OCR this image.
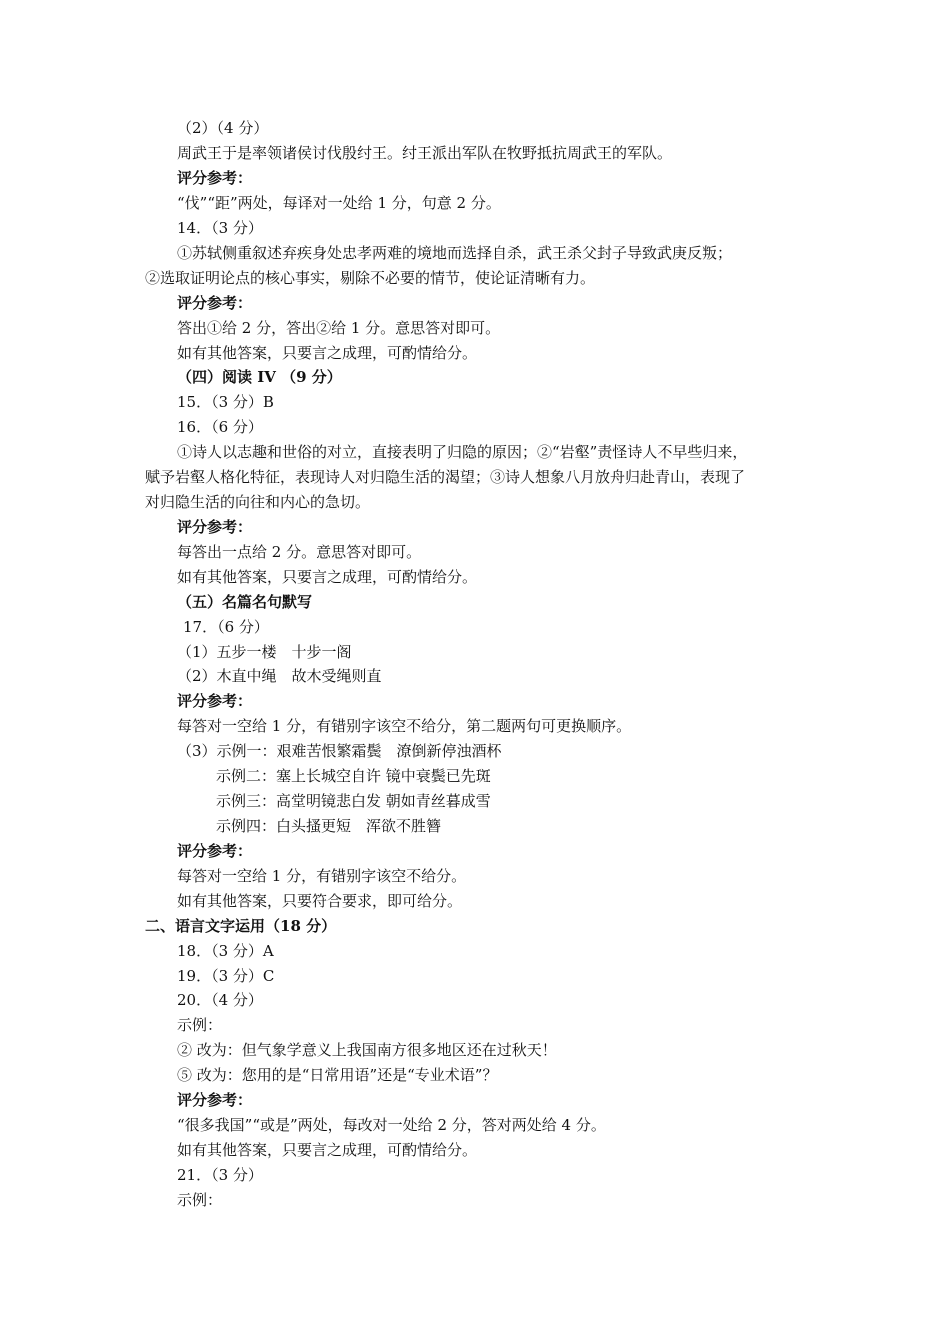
（2）（4 分）
周武王于是率领诸侯讨伐殷纣王。纣王派出军队在牧野抵抗周武王的军队。
评分参考：
“伐”“距”两处，每译对一处给 1 分，句意 2 分。
14．（3 分）
①苏轼侧重叙述弃疾身处忠孝两难的境地而选择自杀，武王杀父封子导致武庚反叛；
②选取证明论点的核心事实，剔除不必要的情节，使论证清晰有力。
评分参考：
答出①给 2 分，答出②给 1 分。意思答对即可。
如有其他答案，只要言之成理，可酌情给分。
（四）阅读 IV （9 分）
15．（3 分）B
16．（6 分）
①诗人以志趣和世俗的对立，直接表明了归隐的原因；②“岩壑”责怪诗人不早些归来，
赋予岩壑人格化特征，表现诗人对归隐生活的渴望；③诗人想象八月放舟归赴青山，表现了
对归隐生活的向往和内心的急切。
评分参考：
每答出一点给 2 分。意思答对即可。
如有其他答案，只要言之成理，可酌情给分。
（五）名篇名句默写
17．（6 分）
（1）五步一楼　十步一阁
（2）木直中绳　故木受绳则直
评分参考：
每答对一空给 1 分，有错别字该空不给分，第二题两句可更换顺序。
（3）示例一：艰难苦恨繁霜鬓　潦倒新停浊酒杯
示例二：塞上长城空自许 镜中衰鬓已先斑
示例三：高堂明镜悲白发 朝如青丝暮成雪
示例四：白头搔更短　浑欲不胜簪
评分参考：
每答对一空给 1 分，有错别字该空不给分。
如有其他答案，只要符合要求，即可给分。
二、语言文字运用（18 分）
18．（3 分）A
19．（3 分）C
20．（4 分）
示例：
② 改为：但气象学意义上我国南方很多地区还在过秋天！
⑤ 改为：您用的是“日常用语”还是“专业术语”？
评分参考：
“很多我国”“或是”两处，每改对一处给 2 分，答对两处给 4 分。
如有其他答案，只要言之成理，可酌情给分。
21．（3 分）
示例：
